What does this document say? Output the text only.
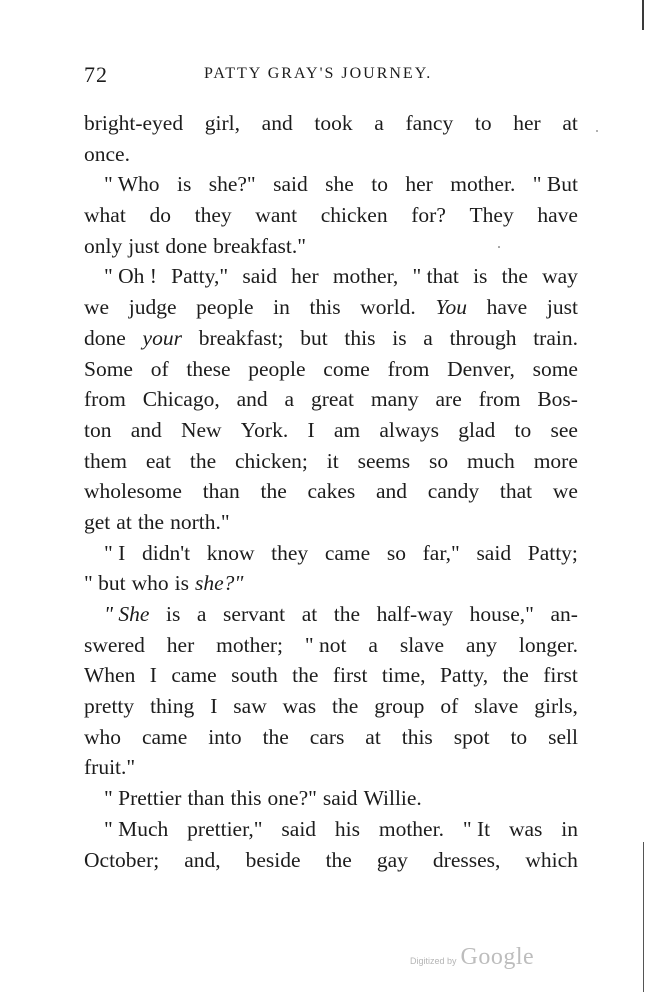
72	PATTY GRAY'S JOURNEY.
bright-eyed girl, and took a fancy to her at
once.
" Who is she?" said she to her mother. " But
what do they want chicken for? They have
only just done breakfast."
" Oh ! Patty," said her mother, " that is the way
we judge people in this world. You have just
done your breakfast; but this is a through train.
Some of these people come from Denver, some
from Chicago, and a great many are from Bos-
ton and New York. I am always glad to see
them eat the chicken; it seems so much more
wholesome than the cakes and candy that we
get at the north."
" I didn't know they came so far," said Patty;
" but who is she?"
" She is a servant at the half-way house," an-
swered her mother; " not a slave any longer.
When I came south the first time, Patty, the first
pretty thing I saw was the group of slave girls,
who came into the cars at this spot to sell
fruit."
" Prettier than this one?" said Willie.
" Much prettier," said his mother. " It was in
October; and, beside the gay dresses, which
Digitized by Google
